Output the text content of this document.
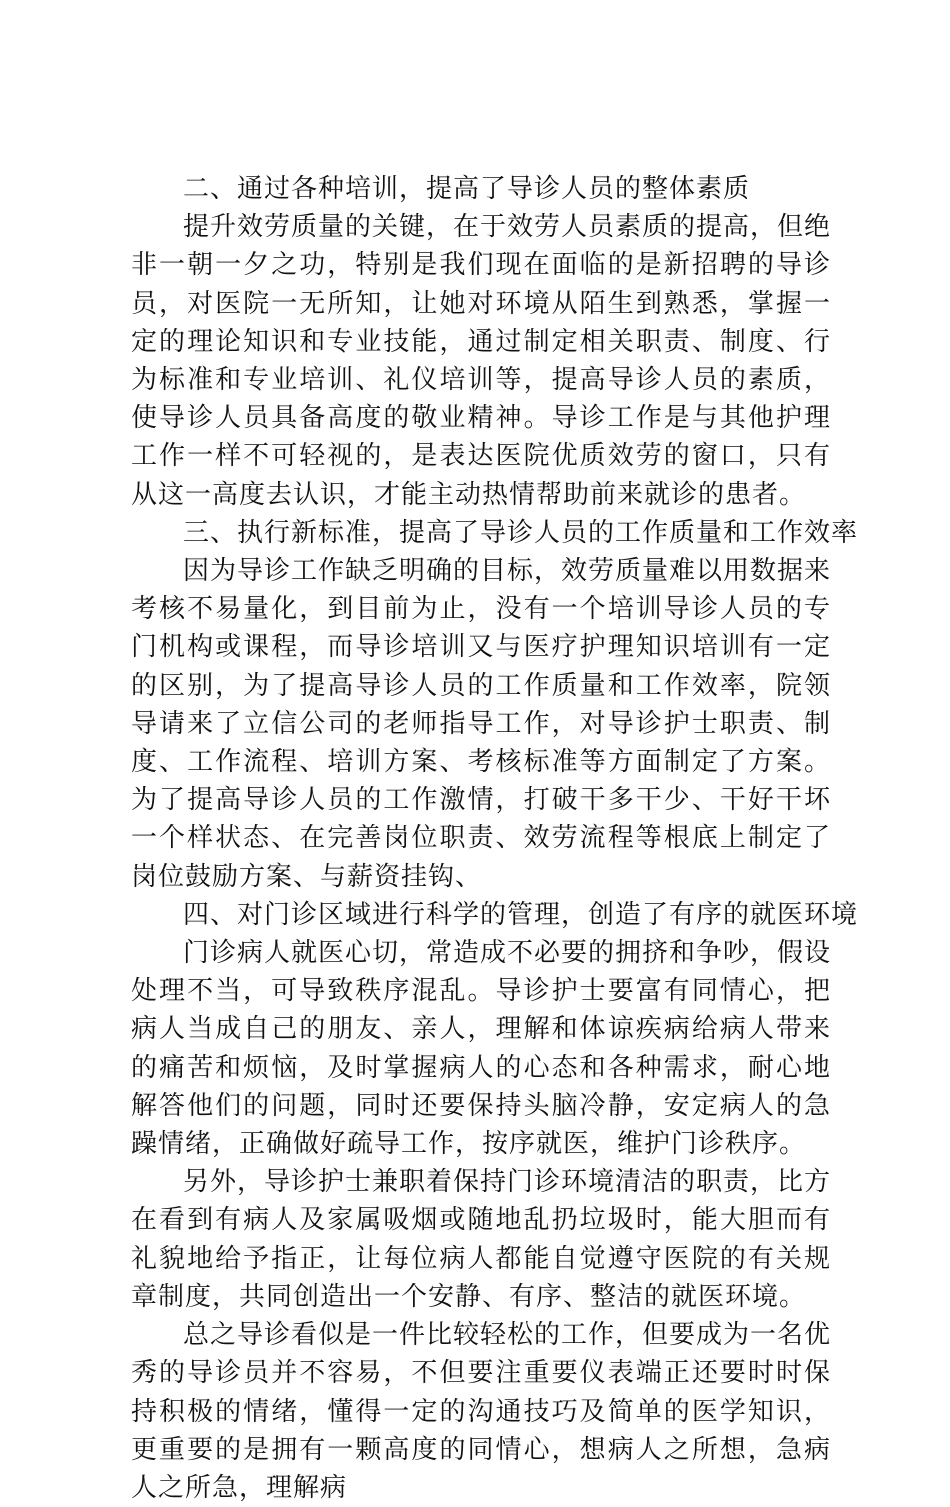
二、通过各种培训，提高了导诊人员的整体素质

提升效劳质量的关键，在于效劳人员素质的提高，但绝非一朝一夕之功，特别是我们现在面临的是新招聘的导诊员，对医院一无所知，让她对环境从陌生到熟悉，掌握一定的理论知识和专业技能，通过制定相关职责、制度、行为标准和专业培训、礼仪培训等，提高导诊人员的素质，使导诊人员具备高度的敬业精神。导诊工作是与其他护理工作一样不可轻视的，是表达医院优质效劳的窗口，只有从这一高度去认识，才能主动热情帮助前来就诊的患者。

三、执行新标准，提高了导诊人员的工作质量和工作效率

因为导诊工作缺乏明确的目标，效劳质量难以用数据来考核不易量化，到目前为止，没有一个培训导诊人员的专门机构或课程，而导诊培训又与医疗护理知识培训有一定的区别，为了提高导诊人员的工作质量和工作效率，院领导请来了立信公司的老师指导工作，对导诊护士职责、制度、工作流程、培训方案、考核标准等方面制定了方案。为了提高导诊人员的工作激情，打破干多干少、干好干坏一个样状态、在完善岗位职责、效劳流程等根底上制定了岗位鼓励方案、与薪资挂钩、

四、对门诊区域进行科学的管理，创造了有序的就医环境

门诊病人就医心切，常造成不必要的拥挤和争吵，假设处理不当，可导致秩序混乱。导诊护士要富有同情心，把病人当成自己的朋友、亲人，理解和体谅疾病给病人带来的痛苦和烦恼，及时掌握病人的心态和各种需求，耐心地解答他们的问题，同时还要保持头脑冷静，安定病人的急躁情绪，正确做好疏导工作，按序就医，维护门诊秩序。

另外，导诊护士兼职着保持门诊环境清洁的职责，比方在看到有病人及家属吸烟或随地乱扔垃圾时，能大胆而有礼貌地给予指正，让每位病人都能自觉遵守医院的有关规章制度，共同创造出一个安静、有序、整洁的就医环境。

总之导诊看似是一件比较轻松的工作，但要成为一名优秀的导诊员并不容易，不但要注重要仪表端正还要时时保持积极的情绪，懂得一定的沟通技巧及简单的医学知识，更重要的是拥有一颗高度的同情心，想病人之所想，急病人之所急，理解病
